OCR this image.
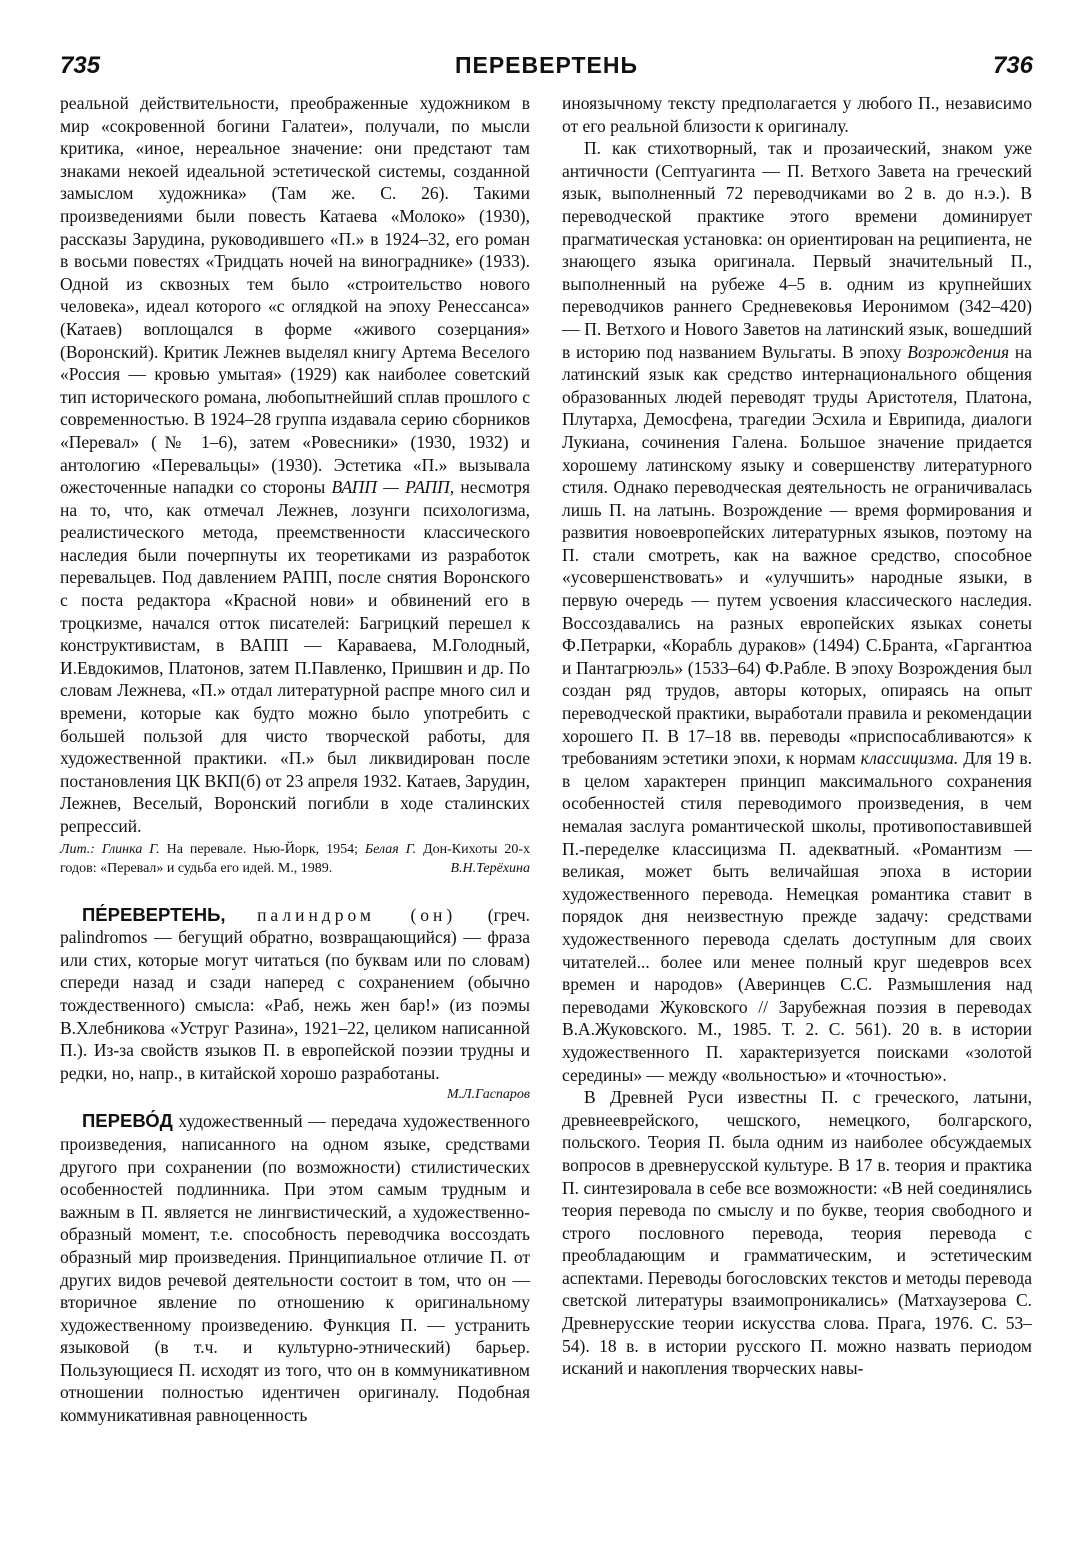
735	ПЕРЕВЕРТЕНЬ	736

реальной действительности, преображенные художником в мир «сокровенной богини Галатеи», получали, по мысли критика, «иное, нереальное значение: они предстают там знаками некоей идеальной эстетической системы, созданной замыслом художника» (Там же. С. 26). Такими произведениями были повесть Катаева «Молоко» (1930), рассказы Зарудина, руководившего «П.» в 1924–32, его роман в восьми повестях «Тридцать ночей на винограднике» (1933). Одной из сквозных тем было «строительство нового человека», идеал которого «с оглядкой на эпоху Ренессанса» (Катаев) воплощался в форме «живого созерцания» (Воронский). Критик Лежнев выделял книгу Артема Веселого «Россия — кровью умытая» (1929) как наиболее советский тип исторического романа, любопытнейший сплав прошлого с современностью. В 1924–28 группа издавала серию сборников «Перевал» (№ 1–6), затем «Ровесники» (1930, 1932) и антологию «Перевальцы» (1930). Эстетика «П.» вызывала ожесточенные нападки со стороны ВАПП — РАПП, несмотря на то, что, как отмечал Лежнев, лозунги психологизма, реалистического метода, преемственности классического наследия были почерпнуты их теоретиками из разработок перевальцев. Под давлением РАПП, после снятия Воронского с поста редактора «Красной нови» и обвинений его в троцкизме, начался отток писателей: Багрицкий перешел к конструктивистам, в ВАПП — Караваева, М.Голодный, И.Евдокимов, Платонов, затем П.Павленко, Пришвин и др. По словам Лежнева, «П.» отдал литературной распре много сил и времени, которые как будто можно было употребить с большей пользой для чисто творческой работы, для художественной практики. «П.» был ликвидирован после постановления ЦК ВКП(б) от 23 апреля 1932. Катаев, Зарудин, Лежнев, Веселый, Воронский погибли в ходе сталинских репрессий.

Лит.: Глинка Г. На перевале. Нью-Йорк, 1954; Белая Г. Дон-Кихоты 20-х годов: «Перевал» и судьба его идей. М., 1989.	В.Н.Терёхина

ПЕ́РЕВЕРТЕНЬ, палиндром (он) (греч. palindromos — бегущий обратно, возвращающийся) — фраза или стих, которые могут читаться (по буквам или по словам) спереди назад и сзади наперед с сохранением (обычно тождественного) смысла: «Раб, нежь жен бар!» (из поэмы В.Хлебникова «Уструг Разина», 1921–22, целиком написанной П.). Из-за свойств языков П. в европейской поэзии трудны и редки, но, напр., в китайской хорошо разработаны.
М.Л.Гаспаров

ПЕРЕВО́Д художественный — передача художественного произведения, написанного на одном языке, средствами другого при сохранении (по возможности) стилистических особенностей подлинника. При этом самым трудным и важным в П. является не лингвистический, а художественно-образный момент, т.е. способность переводчика воссоздать образный мир произведения. Принципиальное отличие П. от других видов речевой деятельности состоит в том, что он — вторичное явление по отношению к оригинальному художественному произведению. Функция П. — устранить языковой (в т.ч. и культурно-этнический) барьер. Пользующиеся П. исходят из того, что он в коммуникативном отношении полностью идентичен оригиналу. Подобная коммуникативная равноценность

иноязычному тексту предполагается у любого П., независимо от его реальной близости к оригиналу.

П. как стихотворный, так и прозаический, знаком уже античности (Септуагинта — П. Ветхого Завета на греческий язык, выполненный 72 переводчиками во 2 в. до н.э.). В переводческой практике этого времени доминирует прагматическая установка: он ориентирован на реципиента, не знающего языка оригинала. Первый значительный П., выполненный на рубеже 4–5 в. одним из крупнейших переводчиков раннего Средневековья Иеронимом (342–420) — П. Ветхого и Нового Заветов на латинский язык, вошедший в историю под названием Вульгаты. В эпоху Возрождения на латинский язык как средство интернационального общения образованных людей переводят труды Аристотеля, Платона, Плутарха, Демосфена, трагедии Эсхила и Еврипида, диалоги Лукиана, сочинения Галена. Большое значение придается хорошему латинскому языку и совершенству литературного стиля. Однако переводческая деятельность не ограничивалась лишь П. на латынь. Возрождение — время формирования и развития новоевропейских литературных языков, поэтому на П. стали смотреть, как на важное средство, способное «усовершенствовать» и «улучшить» народные языки, в первую очередь — путем усвоения классического наследия. Воссоздавались на разных европейских языках сонеты Ф.Петрарки, «Корабль дураков» (1494) С.Бранта, «Гаргантюа и Пантагрюэль» (1533–64) Ф.Рабле. В эпоху Возрождения был создан ряд трудов, авторы которых, опираясь на опыт переводческой практики, выработали правила и рекомендации хорошего П. В 17–18 вв. переводы «приспосабливаются» к требованиям эстетики эпохи, к нормам классицизма. Для 19 в. в целом характерен принцип максимального сохранения особенностей стиля переводимого произведения, в чем немалая заслуга романтической школы, противопоставившей П.-переделке классицизма П. адекватный. «Романтизм — великая, может быть величайшая эпоха в истории художественного перевода. Немецкая романтика ставит в порядок дня неизвестную прежде задачу: средствами художественного перевода сделать доступным для своих читателей... более или менее полный круг шедевров всех времен и народов» (Аверинцев С.С. Размышления над переводами Жуковского // Зарубежная поэзия в переводах В.А.Жуковского. М., 1985. Т. 2. С. 561). 20 в. в истории художественного П. характеризуется поисками «золотой середины» — между «вольностью» и «точностью».

В Древней Руси известны П. с греческого, латыни, древнееврейского, чешского, немецкого, болгарского, польского. Теория П. была одним из наиболее обсуждаемых вопросов в древнерусской культуре. В 17 в. теория и практика П. синтезировала в себе все возможности: «В ней соединялись теория перевода по смыслу и по букве, теория свободного и строго пословного перевода, теория перевода с преобладающим и грамматическим, и эстетическим аспектами. Переводы богословских текстов и методы перевода светской литературы взаимопроникались» (Матхаузерова С. Древнерусские теории искусства слова. Прага, 1976. С. 53–54). 18 в. в истории русского П. можно назвать периодом исканий и накопления творческих навы-
